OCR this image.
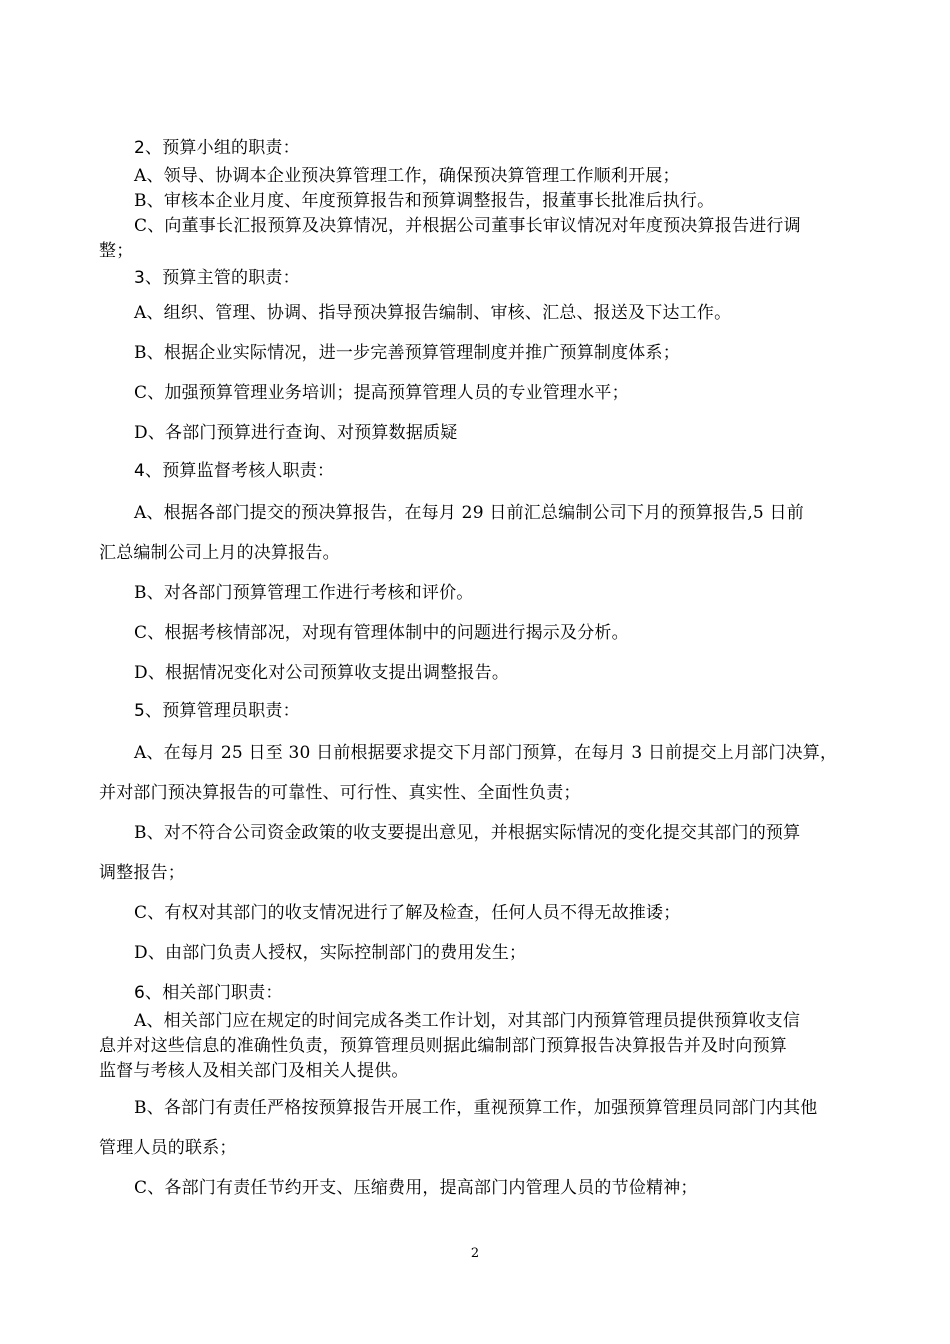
2、预算小组的职责：
A、领导、协调本企业预决算管理工作，确保预决算管理工作顺利开展；
B、审核本企业月度、年度预算报告和预算调整报告，报董事长批准后执行。
C、向董事长汇报预算及决算情况，并根据公司董事长审议情况对年度预决算报告进行调
整；
3、预算主管的职责：
A、组织、管理、协调、指导预决算报告编制、审核、汇总、报送及下达工作。
B、根据企业实际情况，进一步完善预算管理制度并推广预算制度体系；
C、加强预算管理业务培训；提高预算管理人员的专业管理水平；
D、各部门预算进行查询、对预算数据质疑
4、预算监督考核人职责：
A、根据各部门提交的预决算报告，在每月 29 日前汇总编制公司下月的预算报告,5 日前
汇总编制公司上月的决算报告。
B、对各部门预算管理工作进行考核和评价。
C、根据考核情部况，对现有管理体制中的问题进行揭示及分析。
D、根据情况变化对公司预算收支提出调整报告。
5、预算管理员职责：
A、在每月 25 日至 30 日前根据要求提交下月部门预算，在每月 3 日前提交上月部门决算，
并对部门预决算报告的可靠性、可行性、真实性、全面性负责；
B、对不符合公司资金政策的收支要提出意见，并根据实际情况的变化提交其部门的预算
调整报告；
C、有权对其部门的收支情况进行了解及检查，任何人员不得无故推诿；
D、由部门负责人授权，实际控制部门的费用发生；
6、相关部门职责：
A、相关部门应在规定的时间完成各类工作计划，对其部门内预算管理员提供预算收支信
息并对这些信息的准确性负责，预算管理员则据此编制部门预算报告决算报告并及时向预算
监督与考核人及相关部门及相关人提供。
B、各部门有责任严格按预算报告开展工作，重视预算工作，加强预算管理员同部门内其他
管理人员的联系；
C、各部门有责任节约开支、压缩费用，提高部门内管理人员的节俭精神；
2
